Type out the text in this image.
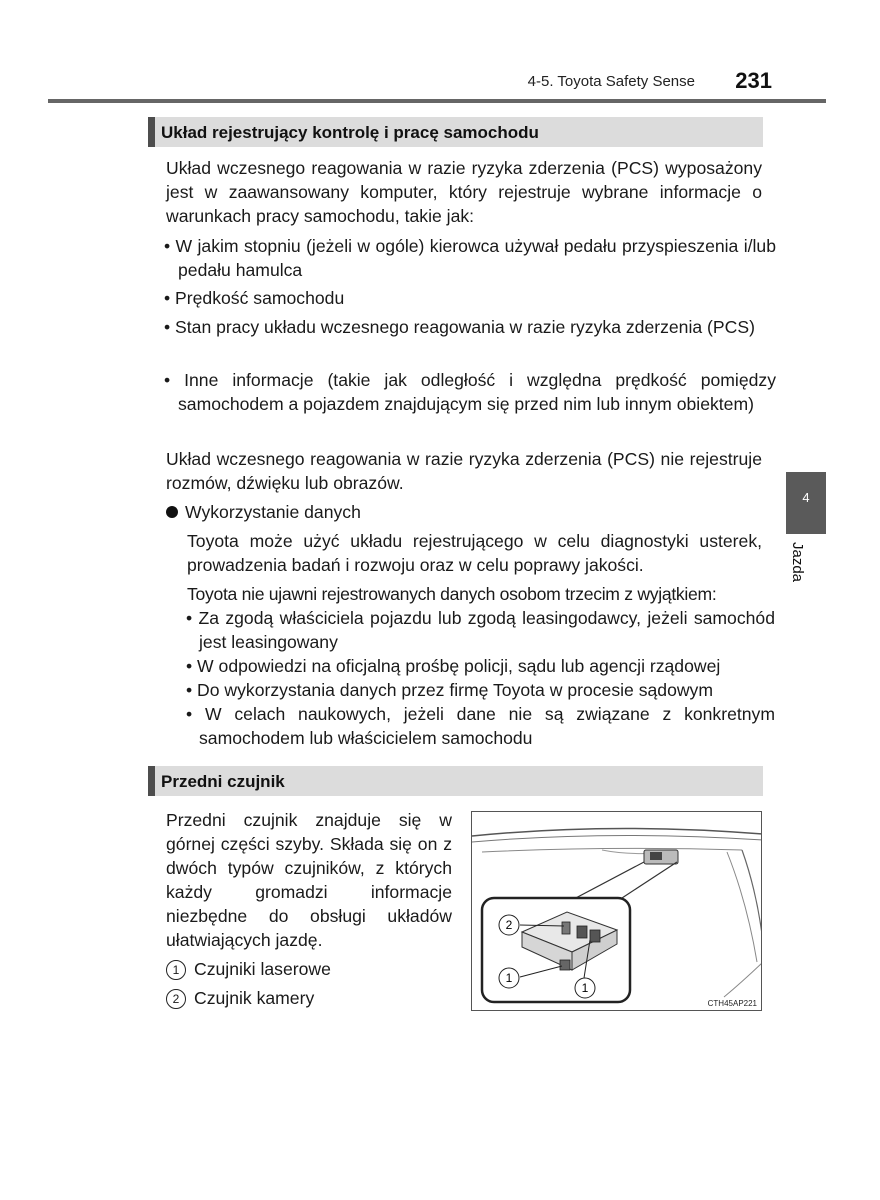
4-5. Toyota Safety Sense 231
4
Jazda
Układ rejestrujący kontrolę i pracę samochodu

Układ wczesnego reagowania w razie ryzyka zderzenia (PCS) wyposażony jest w zaawansowany komputer, który rejestruje wybrane informacje o warunkach pracy samochodu, takie jak:

• W jakim stopniu (jeżeli w ogóle) kierowca używał pedału przyspieszenia i/lub pedału hamulca

• Prędkość samochodu

• Stan pracy układu wczesnego reagowania w razie ryzyka zderzenia (PCS)

• Inne informacje (takie jak odległość i względna prędkość pomiędzy samochodem a pojazdem znajdującym się przed nim lub innym obiektem)

Układ wczesnego reagowania w razie ryzyka zderzenia (PCS) nie rejestruje rozmów, dźwięku lub obrazów.

Wykorzystanie danych

Toyota może użyć układu rejestrującego w celu diagnostyki usterek, prowadzenia badań i rozwoju oraz w celu poprawy jakości.

Toyota nie ujawni rejestrowanych danych osobom trzecim z wyjątkiem:

• Za zgodą właściciela pojazdu lub zgodą leasingodawcy, jeżeli samochód jest leasingowany

• W odpowiedzi na oficjalną prośbę policji, sądu lub agencji rządowej

• Do wykorzystania danych przez firmę Toyota w procesie sądowym

• W celach naukowych, jeżeli dane nie są związane z konkretnym samochodem lub właścicielem samochodu

Przedni czujnik

Przedni czujnik znajduje się w górnej części szyby. Składa się on z dwóch typów czujników, z których każdy gromadzi informacje niezbędne do obsługi układów ułatwiających jazdę.

1 Czujniki laserowe
2 Czujnik kamery
2
1
1
CTH45AP221
